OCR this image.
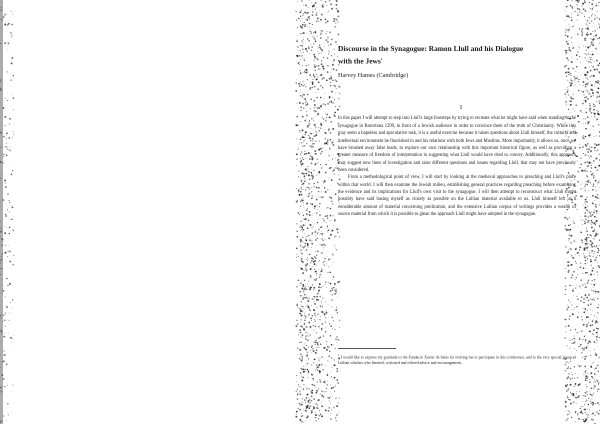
Discourse in the Synagogue: Ramon Llull and his Dialogue with the Jews$^1$
Harvey Hames (Cambridge)
I

In this paper I will attempt to step into Llull's large footsteps by trying to recreate what he might have said when standing in the synagogue in Barcelona 1299, in front of a Jewish audience in order to convince them of the truth of Christianity. While this may seem a hopeless and speculative task, it is a useful exercise because it raises questions about Llull himself, the cultural and intellectual environment he flourished in and his relations with both Jews and Muslims. More importantly, it allows us, once we have brushed away false leads, to explore our own relationship with this important historical figure, as well as providing a greater measure of freedom of interpretation in suggesting what Llull would have tried to convey. Additionally, this approach may suggest new lines of investigation and raise different questions and issues regarding Llull, that may not have previously been considered.

From a methodological point of view, I will start by looking at the medieval approaches to preaching and Llull's place within that world. I will then examine the Jewish milieu, establishing general practices regarding preaching before examining the evidence and its implications for Llull's own visit to the synagogue. I will then attempt to reconstruct what Llull might possibly have said basing myself as closely as possible on the Lullian material available to us. Llull himself left us a considerable amount of material concerning predication, and the extensive Lullian corpus of writings provides a wealth of source material from which it is possible to glean the approach Llull might have adopted in the synagogue.

$^1$ I would like to express my gratitude to the Fundació Xavier de Salas for inviting me to participate in this conference, and to the very special group of Lullian scholars who listened, criticised and offered advice and encouragement.
